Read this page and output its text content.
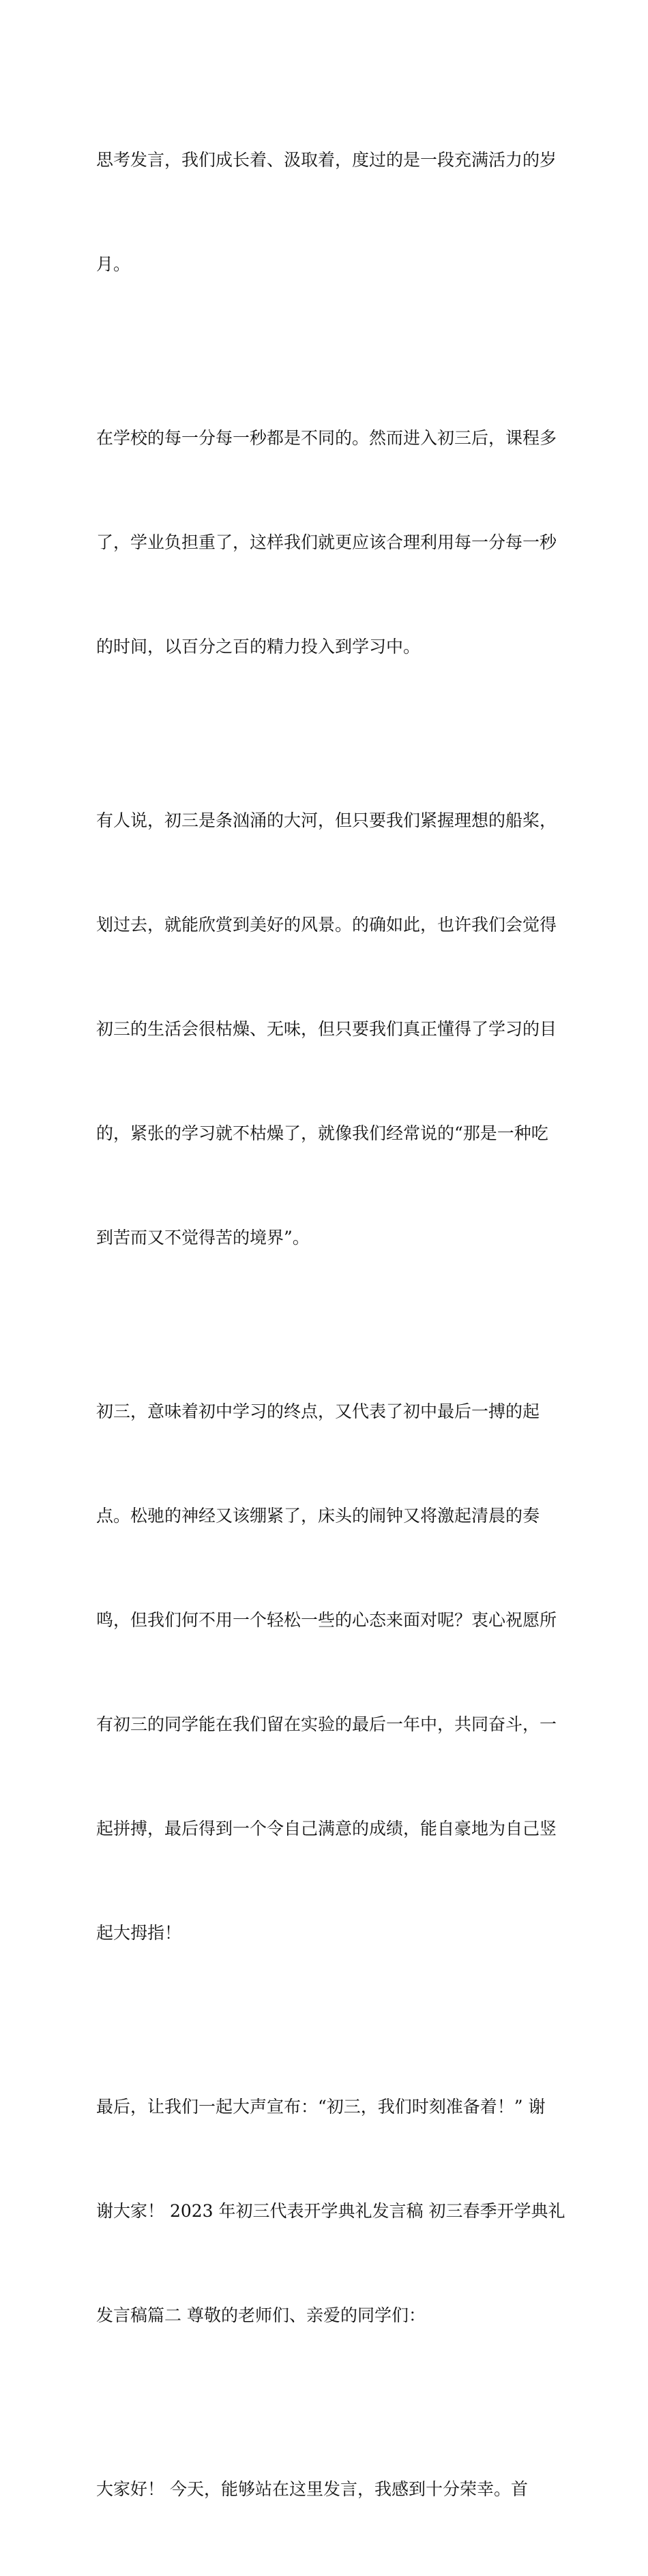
思考发言，我们成长着、汲取着，度过的是一段充满活力的岁

月。

在学校的每一分每一秒都是不同的。然而进入初三后，课程多

了，学业负担重了，这样我们就更应该合理利用每一分每一秒

的时间，以百分之百的精力投入到学习中。

有人说，初三是条汹涌的大河，但只要我们紧握理想的船桨，

划过去，就能欣赏到美好的风景。的确如此，也许我们会觉得

初三的生活会很枯燥、无味，但只要我们真正懂得了学习的目

的，紧张的学习就不枯燥了，就像我们经常说的“那是一种吃

到苦而又不觉得苦的境界”。

初三，意味着初中学习的终点，又代表了初中最后一搏的起

点。松驰的神经又该绷紧了，床头的闹钟又将激起清晨的奏

鸣，但我们何不用一个轻松一些的心态来面对呢？衷心祝愿所

有初三的同学能在我们留在实验的最后一年中，共同奋斗，一

起拼搏，最后得到一个令自己满意的成绩，能自豪地为自己竖

起大拇指！

最后，让我们一起大声宣布：“初三，我们时刻准备着！” 谢

谢大家！ 2023 年初三代表开学典礼发言稿 初三春季开学典礼

发言稿篇二 尊敬的老师们、亲爱的同学们：

大家好！ 今天，能够站在这里发言，我感到十分荣幸。首
